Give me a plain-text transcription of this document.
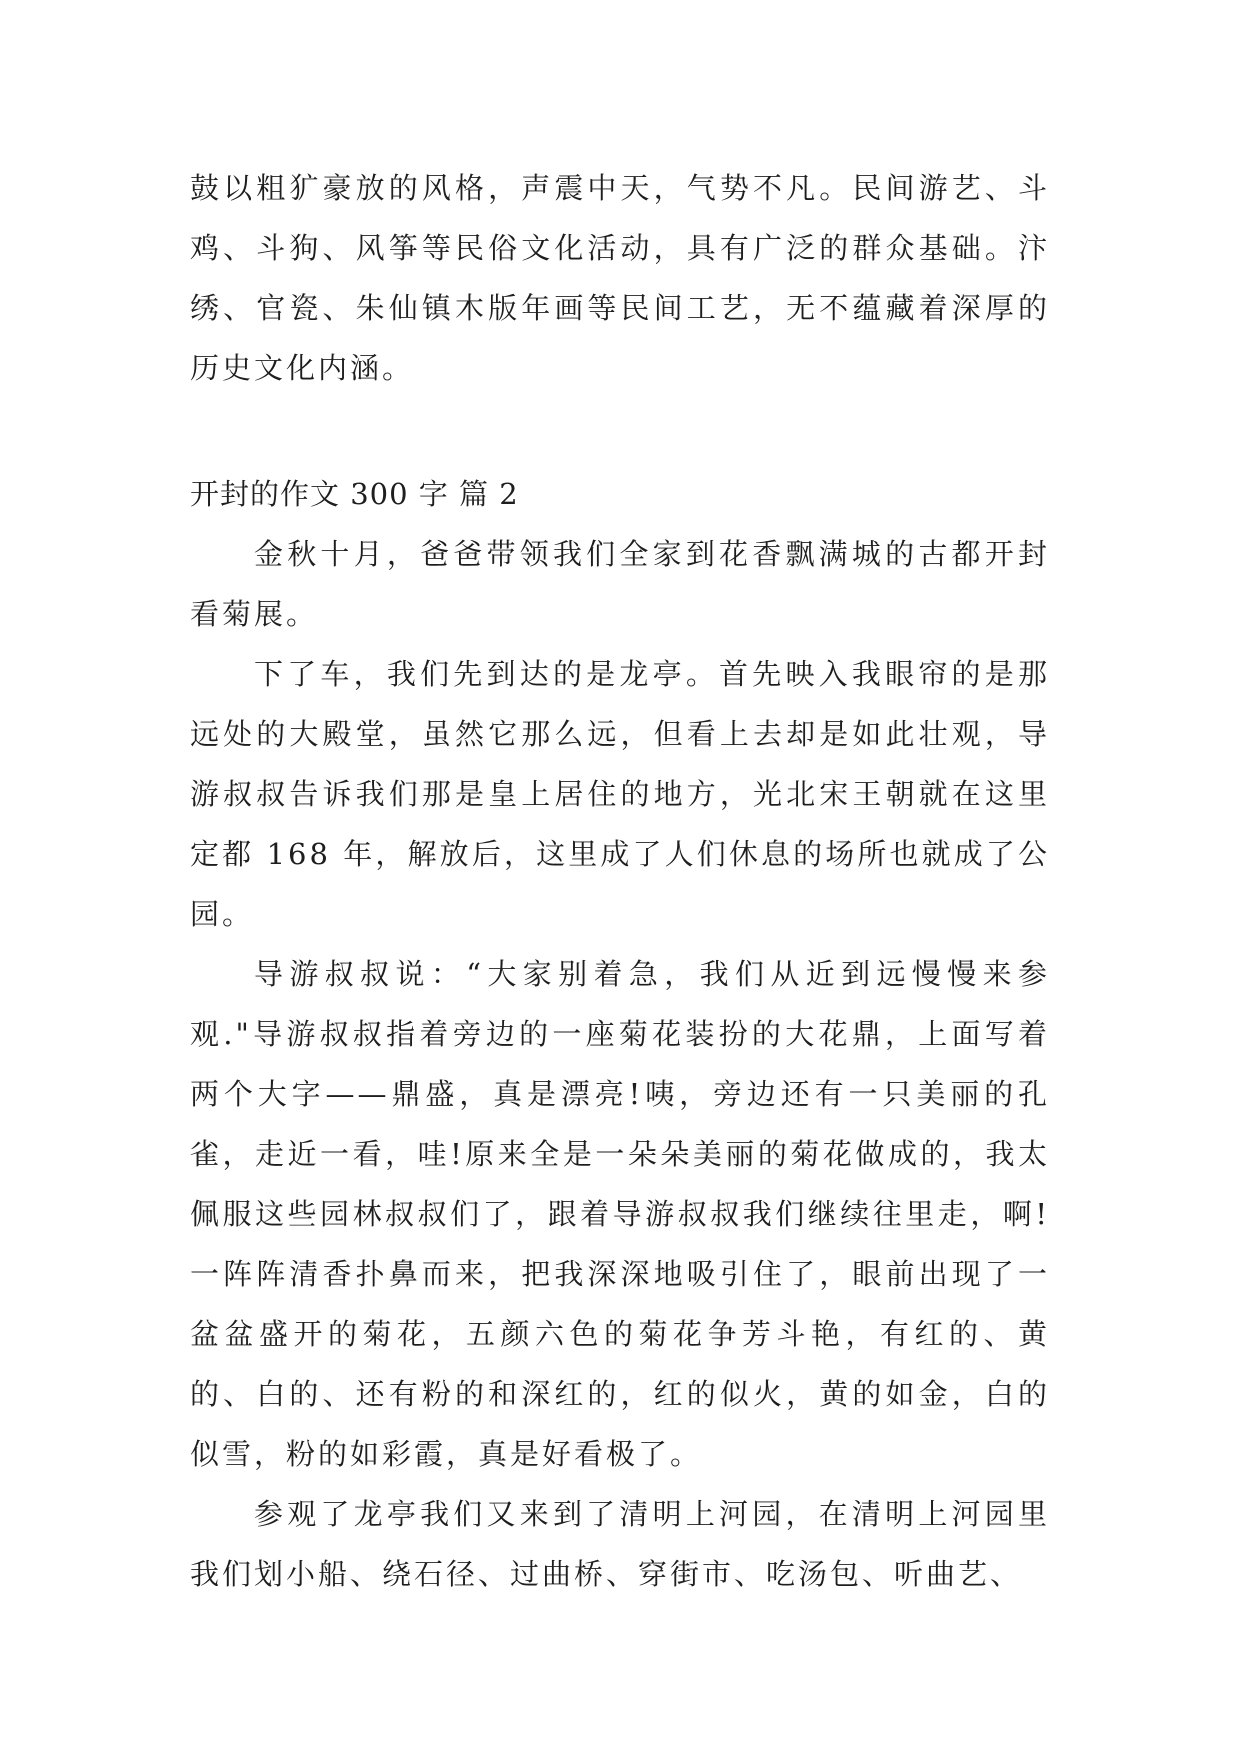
鼓以粗犷豪放的风格，声震中天，气势不凡。民间游艺、斗鸡、斗狗、风筝等民俗文化活动，具有广泛的群众基础。汴绣、官瓷、朱仙镇木版年画等民间工艺，无不蕴藏着深厚的历史文化内涵。

开封的作文 300 字 篇 2

金秋十月，爸爸带领我们全家到花香飘满城的古都开封看菊展。

下了车，我们先到达的是龙亭。首先映入我眼帘的是那远处的大殿堂，虽然它那么远，但看上去却是如此壮观，导游叔叔告诉我们那是皇上居住的地方，光北宋王朝就在这里定都 168 年，解放后，这里成了人们休息的场所也就成了公园。

导游叔叔说：“大家别着急，我们从近到远慢慢来参观."导游叔叔指着旁边的一座菊花装扮的大花鼎，上面写着两个大字——鼎盛，真是漂亮!咦，旁边还有一只美丽的孔雀，走近一看，哇!原来全是一朵朵美丽的菊花做成的，我太佩服这些园林叔叔们了，跟着导游叔叔我们继续往里走，啊!一阵阵清香扑鼻而来，把我深深地吸引住了，眼前出现了一盆盆盛开的菊花，五颜六色的菊花争芳斗艳，有红的、黄的、白的、还有粉的和深红的，红的似火，黄的如金，白的似雪，粉的如彩霞，真是好看极了。

参观了龙亭我们又来到了清明上河园，在清明上河园里我们划小船、绕石径、过曲桥、穿街市、吃汤包、听曲艺、
